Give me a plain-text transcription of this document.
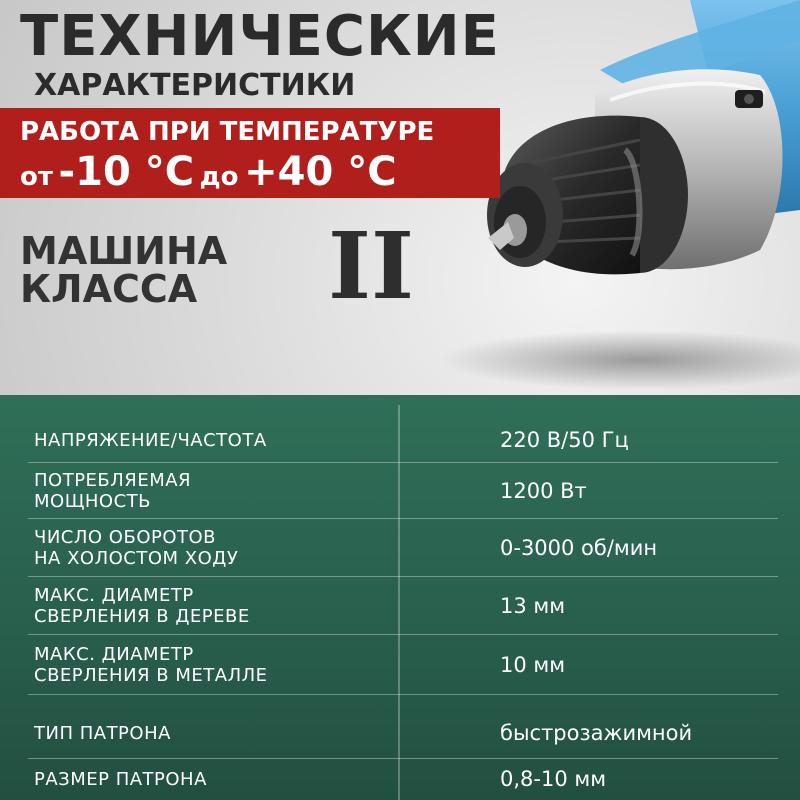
ТЕХНИЧЕСКИЕ
ХАРАКТЕРИСТИКИ
РАБОТА ПРИ ТЕМПЕРАТУРЕ
от -10 °С до +40 °С
МАШИНА
КЛАССА	II
НАПРЯЖЕНИЕ/ЧАСТОТА	220 В/50 Гц
ПОТРЕБЛЯЕМАЯ
МОЩНОСТЬ	1200 Вт
ЧИСЛО ОБОРОТОВ
НА ХОЛОСТОМ ХОДУ	0-3000 об/мин
МАКС. ДИАМЕТР
СВЕРЛЕНИЯ В ДЕРЕВЕ	13 мм
МАКС. ДИАМЕТР
СВЕРЛЕНИЯ В МЕТАЛЛЕ	10 мм
ТИП ПАТРОНА	быстрозажимной
РАЗМЕР ПАТРОНА	0,8-10 мм
